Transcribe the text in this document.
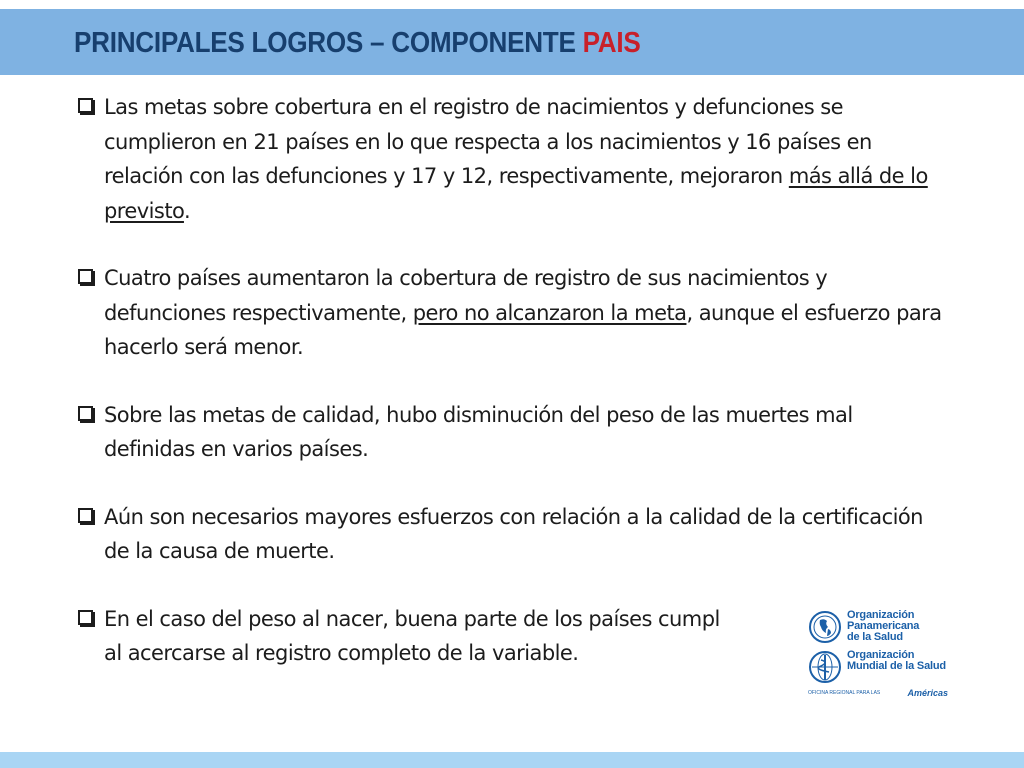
PRINCIPALES LOGROS – COMPONENTE PAIS
Las metas sobre cobertura en el registro de nacimientos y defunciones se cumplieron en 21 países en lo que respecta a los nacimientos y 16 países en relación con las defunciones y 17 y 12, respectivamente, mejoraron más allá de lo previsto.
Cuatro países aumentaron la cobertura de registro de sus nacimientos y defunciones respectivamente, pero no alcanzaron la meta, aunque el esfuerzo para hacerlo será menor.
Sobre las metas de calidad, hubo disminución del peso de las muertes mal definidas en varios países.
Aún son necesarios mayores esfuerzos con relación a la calidad de la certificación de la causa de muerte.
En el caso del peso al nacer, buena parte de los países cumpl
al acercarse al registro completo de la variable.
Organización
Panamericana
de la Salud
Organización
Mundial de la Salud
OFICINA REGIONAL PARA LAS	Américas
